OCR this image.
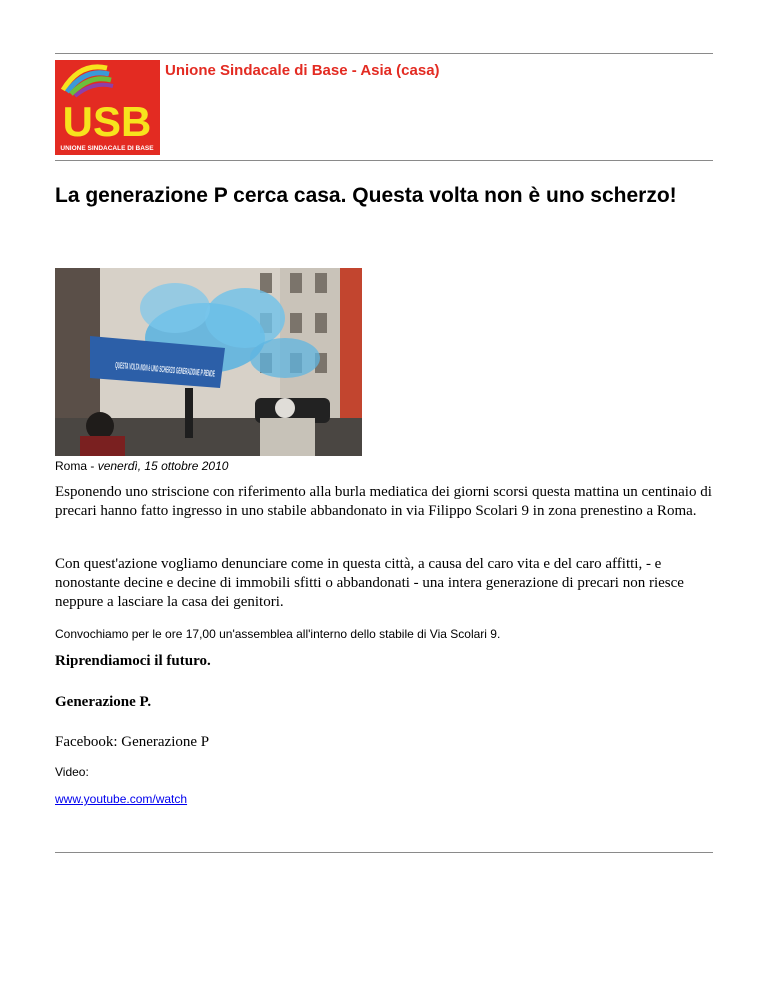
USB
UNIONE SINDACALE DI BASE
Unione Sindacale di Base - Asia (casa)
La generazione P cerca casa. Questa volta non è uno scherzo!
Roma - venerdì, 15 ottobre 2010

Esponendo uno striscione con riferimento alla burla mediatica dei giorni scorsi questa mattina un centinaio di precari hanno fatto ingresso in uno stabile abbandonato in via Filippo Scolari 9 in zona prenestino a Roma.

Con quest'azione vogliamo denunciare come in questa città, a causa del caro vita e del caro affitti, - e nonostante decine e decine di immobili sfitti o abbandonati - una intera generazione di precari non riesce neppure a lasciare la casa dei genitori.

Convochiamo per le ore 17,00 un'assemblea all'interno dello stabile di Via Scolari 9.

Riprendiamoci il futuro.

Generazione P.

Facebook: Generazione P

Video:

www.youtube.com/watch
